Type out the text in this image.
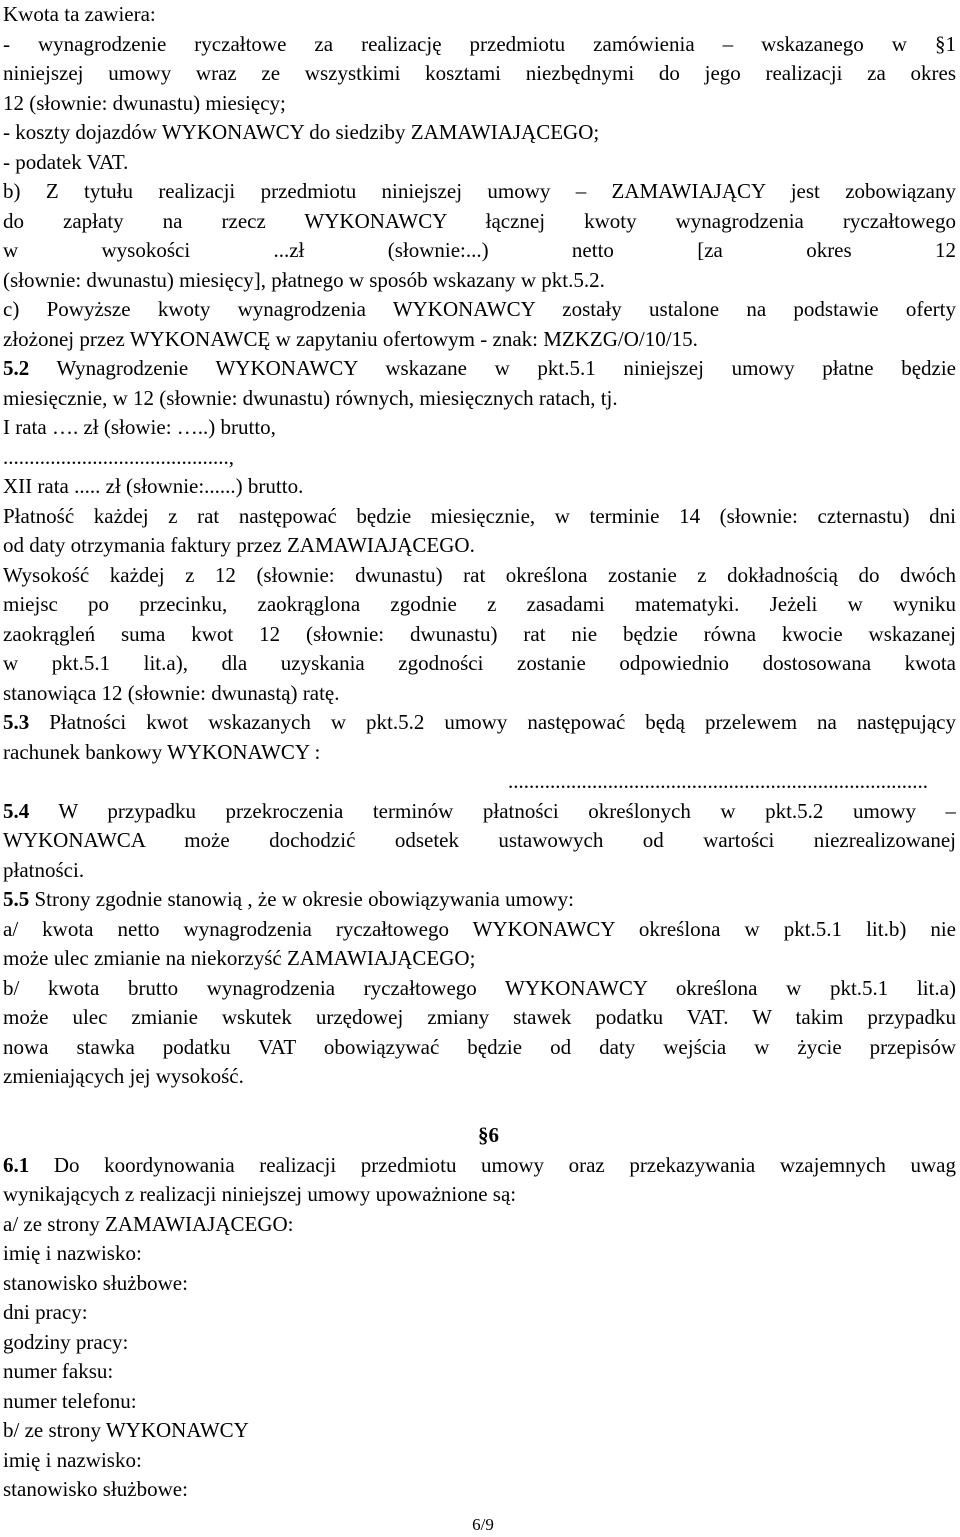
Kwota ta zawiera:
- wynagrodzenie ryczałtowe za realizację przedmiotu zamówienia – wskazanego w §1
niniejszej umowy wraz ze wszystkimi kosztami niezbędnymi do jego realizacji za okres
12 (słownie: dwunastu) miesięcy;
- koszty dojazdów WYKONAWCY do siedziby ZAMAWIAJĄCEGO;
- podatek VAT.
b) Z tytułu realizacji przedmiotu niniejszej umowy – ZAMAWIAJĄCY jest zobowiązany
do zapłaty na rzecz WYKONAWCY łącznej kwoty wynagrodzenia ryczałtowego
w wysokości ...zł (słownie:...) netto [za okres 12
(słownie: dwunastu) miesięcy], płatnego w sposób wskazany w pkt.5.2.
c) Powyższe kwoty wynagrodzenia WYKONAWCY zostały ustalone na podstawie oferty
złożonej przez WYKONAWCĘ w zapytaniu ofertowym - znak: MZKZG/O/10/15.
5.2 Wynagrodzenie WYKONAWCY wskazane w pkt.5.1 niniejszej umowy płatne będzie
miesięcznie, w 12 (słownie: dwunastu) równych, miesięcznych ratach, tj.
I rata …. zł (słowie: …..) brutto,
...........................................,
XII rata ..... zł (słownie:......) brutto.
Płatność każdej z rat następować będzie miesięcznie, w terminie 14 (słownie: czternastu) dni
od daty otrzymania faktury przez ZAMAWIAJĄCEGO.
Wysokość każdej z 12 (słownie: dwunastu) rat określona zostanie z dokładnością do dwóch
miejsc po przecinku, zaokrąglona zgodnie z zasadami matematyki. Jeżeli w wyniku
zaokrągleń suma kwot 12 (słownie: dwunastu) rat nie będzie równa kwocie wskazanej
w pkt.5.1 lit.a), dla uzyskania zgodności zostanie odpowiednio dostosowana kwota
stanowiąca 12 (słownie: dwunastą) ratę.
5.3 Płatności kwot wskazanych w pkt.5.2 umowy następować będą przelewem na następujący
rachunek bankowy WYKONAWCY :
................................................................................
5.4 W przypadku przekroczenia terminów płatności określonych w pkt.5.2 umowy –
WYKONAWCA może dochodzić odsetek ustawowych od wartości niezrealizowanej
płatności.
5.5 Strony zgodnie stanowią , że w okresie obowiązywania umowy:
a/ kwota netto wynagrodzenia ryczałtowego WYKONAWCY określona w pkt.5.1 lit.b) nie
może ulec zmianie na niekorzyść ZAMAWIAJĄCEGO;
b/ kwota brutto wynagrodzenia ryczałtowego WYKONAWCY określona w pkt.5.1 lit.a)
może ulec zmianie wskutek urzędowej zmiany stawek podatku VAT. W takim przypadku
nowa stawka podatku VAT obowiązywać będzie od daty wejścia w życie przepisów
zmieniających jej wysokość.
§6
6.1 Do koordynowania realizacji przedmiotu umowy oraz przekazywania wzajemnych uwag
wynikających z realizacji niniejszej umowy upoważnione są:
a/ ze strony ZAMAWIAJĄCEGO:
imię i nazwisko:
stanowisko służbowe:
dni pracy:
godziny pracy:
numer faksu:
numer telefonu:
b/ ze strony WYKONAWCY
imię i nazwisko:
stanowisko służbowe:
6/9
